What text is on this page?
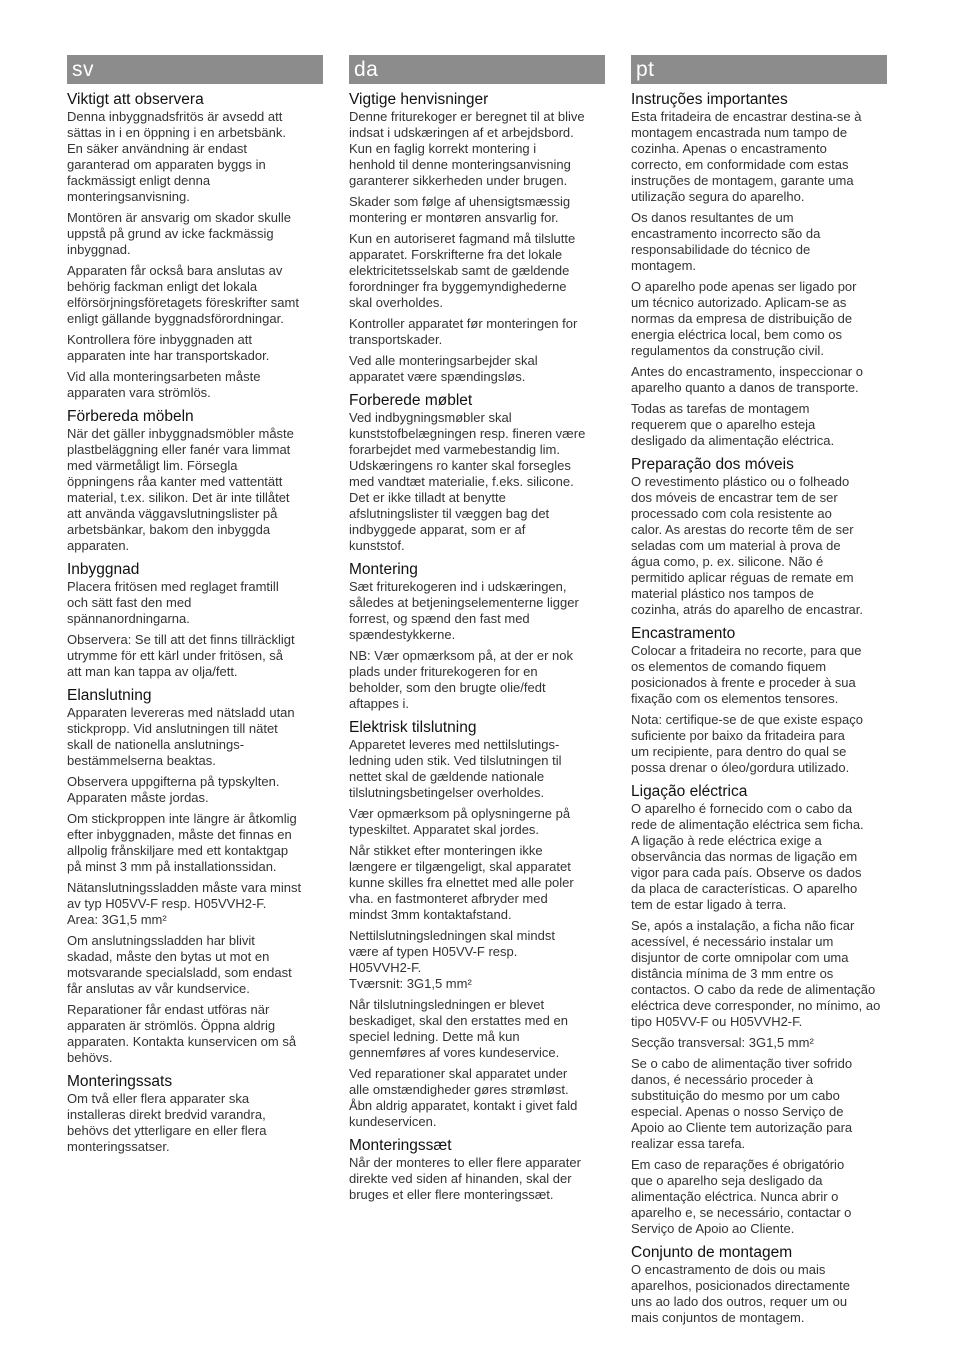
sv
Viktigt att observera

Denna inbyggnadsfritös är avsedd att
sättas in i en öppning i en arbetsbänk.
En säker användning är endast
garanterad om apparaten byggs in
fackmässigt enligt denna
monteringsanvisning.

Montören är ansvarig om skador skulle
uppstå på grund av icke fackmässig
inbyggnad.

Apparaten får också bara anslutas av
behörig fackman enligt det lokala
elförsörjningsföretagets föreskrifter samt
enligt gällande byggnadsförordningar.

Kontrollera före inbyggnaden att
apparaten inte har transportskador.

Vid alla monteringsarbeten måste
apparaten vara strömlös.

Förbereda möbeln

När det gäller inbyggnadsmöbler måste
plastbeläggning eller fanér vara limmat
med värmetåligt lim. Försegla
öppningens råa kanter med vattentätt
material, t.ex. silikon. Det är inte tillåtet
att använda väggavslutningslister på
arbetsbänkar, bakom den inbyggda
apparaten.

Inbyggnad

Placera fritösen med reglaget framtill
och sätt fast den med
spännanordningarna.

Observera: Se till att det finns tillräckligt
utrymme för ett kärl under fritösen, så
att man kan tappa av olja/fett.

Elanslutning

Apparaten levereras med nätsladd utan
stickpropp. Vid anslutningen till nätet
skall de nationella anslutnings-
bestämmelserna beaktas.

Observera uppgifterna på typskylten.
Apparaten måste jordas.

Om stickproppen inte längre är åtkomlig
efter inbyggnaden, måste det finnas en
allpolig frånskiljare med ett kontaktgap
på minst 3 mm på installationssidan.

Nätanslutningssladden måste vara minst
av typ H05VV-F resp. H05VVH2-F.
Area: 3G1,5 mm²

Om anslutningssladden har blivit
skadad, måste den bytas ut mot en
motsvarande specialsladd, som endast
får anslutas av vår kundservice.

Reparationer får endast utföras när
apparaten är strömlös. Öppna aldrig
apparaten. Kontakta kunservicen om så
behövs.

Monteringssats

Om två eller flera apparater ska
installeras direkt bredvid varandra,
behövs det ytterligare en eller flera
monteringssatser.

da
Vigtige henvisninger

Denne friturekoger er beregnet til at blive
indsat i udskæringen af et arbejdsbord.
Kun en faglig korrekt montering i
henhold til denne monteringsanvisning
garanterer sikkerheden under brugen.

Skader som følge af uhensigtsmæssig
montering er montøren ansvarlig for.

Kun en autoriseret fagmand må tilslutte
apparatet. Forskrifterne fra det lokale
elektricitetsselskab samt de gældende
forordninger fra byggemyndighederne
skal overholdes.

Kontroller apparatet før monteringen for
transportskader.

Ved alle monteringsarbejder skal
apparatet være spændingsløs.

Forberede møblet

Ved indbygningsmøbler skal
kunststofbelægningen resp. fineren være
forarbejdet med varmebestandig lim.
Udskæringens ro kanter skal forsegles
med vandtæt materialie, f.eks. silicone.
Det er ikke tilladt at benytte
afslutningslister til væggen bag det
indbyggede apparat, som er af
kunststof.

Montering

Sæt friturekogeren ind i udskæringen,
således at betjeningselementerne ligger
forrest, og spænd den fast med
spændestykkerne.

NB: Vær opmærksom på, at der er nok
plads under friturekogeren for en
beholder, som den brugte olie/fedt
aftappes i.

Elektrisk tilslutning

Apparetet leveres med nettilslutings-
ledning uden stik. Ved tilslutningen til
nettet skal de gældende nationale
tilslutningsbetingelser overholdes.

Vær opmærksom på oplysningerne på
typeskiltet. Apparatet skal jordes.

Når stikket efter monteringen ikke
længere er tilgængeligt, skal apparatet
kunne skilles fra elnettet med alle poler
vha. en fastmonteret afbryder med
mindst 3mm kontaktafstand.

Nettilslutningsledningen skal mindst
være af typen H05VV-F resp.
H05VVH2-F.
Tværsnit: 3G1,5 mm²

Når tilslutningsledningen er blevet
beskadiget, skal den erstattes med en
speciel ledning. Dette må kun
gennemføres af vores kundeservice.

Ved reparationer skal apparatet under
alle omstændigheder gøres strømløst.
Åbn aldrig apparatet, kontakt i givet fald
kundeservicen.

Monteringssæt

Når der monteres to eller flere apparater
direkte ved siden af hinanden, skal der
bruges et eller flere monteringssæt.

pt
Instruções importantes

Esta fritadeira de encastrar destina-se à
montagem encastrada num tampo de
cozinha. Apenas o encastramento
correcto, em conformidade com estas
instruções de montagem, garante uma
utilização segura do aparelho.

Os danos resultantes de um
encastramento incorrecto são da
responsabilidade do técnico de
montagem.

O aparelho pode apenas ser ligado por
um técnico autorizado. Aplicam-se as
normas da empresa de distribuição de
energia eléctrica local, bem como os
regulamentos da construção civil.

Antes do encastramento, inspeccionar o
aparelho quanto a danos de transporte.

Todas as tarefas de montagem
requerem que o aparelho esteja
desligado da alimentação eléctrica.

Preparação dos móveis

O revestimento plástico ou o folheado
dos móveis de encastrar tem de ser
processado com cola resistente ao
calor. As arestas do recorte têm de ser
seladas com um material à prova de
água como, p. ex. silicone. Não é
permitido aplicar réguas de remate em
material plástico nos tampos de
cozinha, atrás do aparelho de encastrar.

Encastramento

Colocar a fritadeira no recorte, para que
os elementos de comando fiquem
posicionados à frente e proceder à sua
fixação com os elementos tensores.

Nota: certifique-se de que existe espaço
suficiente por baixo da fritadeira para
um recipiente, para dentro do qual se
possa drenar o óleo/gordura utilizado.

Ligação eléctrica

O aparelho é fornecido com o cabo da
rede de alimentação eléctrica sem ficha.
A ligação à rede eléctrica exige a
observância das normas de ligação em
vigor para cada país. Observe os dados
da placa de características. O aparelho
tem de estar ligado à terra.

Se, após a instalação, a ficha não ficar
acessível, é necessário instalar um
disjuntor de corte omnipolar com uma
distância mínima de 3 mm entre os
contactos. O cabo da rede de alimentação
eléctrica deve corresponder, no mínimo, ao
tipo H05VV-F ou H05VVH2-F.

Secção transversal: 3G1,5 mm²

Se o cabo de alimentação tiver sofrido
danos, é necessário proceder à
substituição do mesmo por um cabo
especial. Apenas o nosso Serviço de
Apoio ao Cliente tem autorização para
realizar essa tarefa.

Em caso de reparações é obrigatório
que o aparelho seja desligado da
alimentação eléctrica. Nunca abrir o
aparelho e, se necessário, contactar o
Serviço de Apoio ao Cliente.

Conjunto de montagem

O encastramento de dois ou mais
aparelhos, posicionados directamente
uns ao lado dos outros, requer um ou
mais conjuntos de montagem.
